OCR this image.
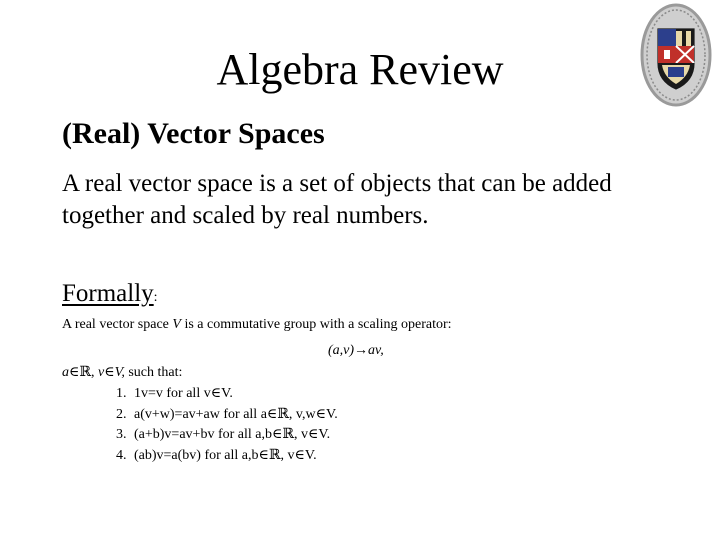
Algebra Review
(Real) Vector Spaces
A real vector space is a set of objects that can be added together and scaled by real numbers.
Formally:
A real vector space V is a commutative group with a scaling operator:
(a,v)→av,
a∈ℝ, v∈V, such that:
1. 1v=v for all v∈V.
2. a(v+w)=av+aw for all a∈ℝ, v,w∈V.
3. (a+b)v=av+bv for all a,b∈ℝ, v∈V.
4. (ab)v=a(bv) for all a,b∈ℝ, v∈V.
